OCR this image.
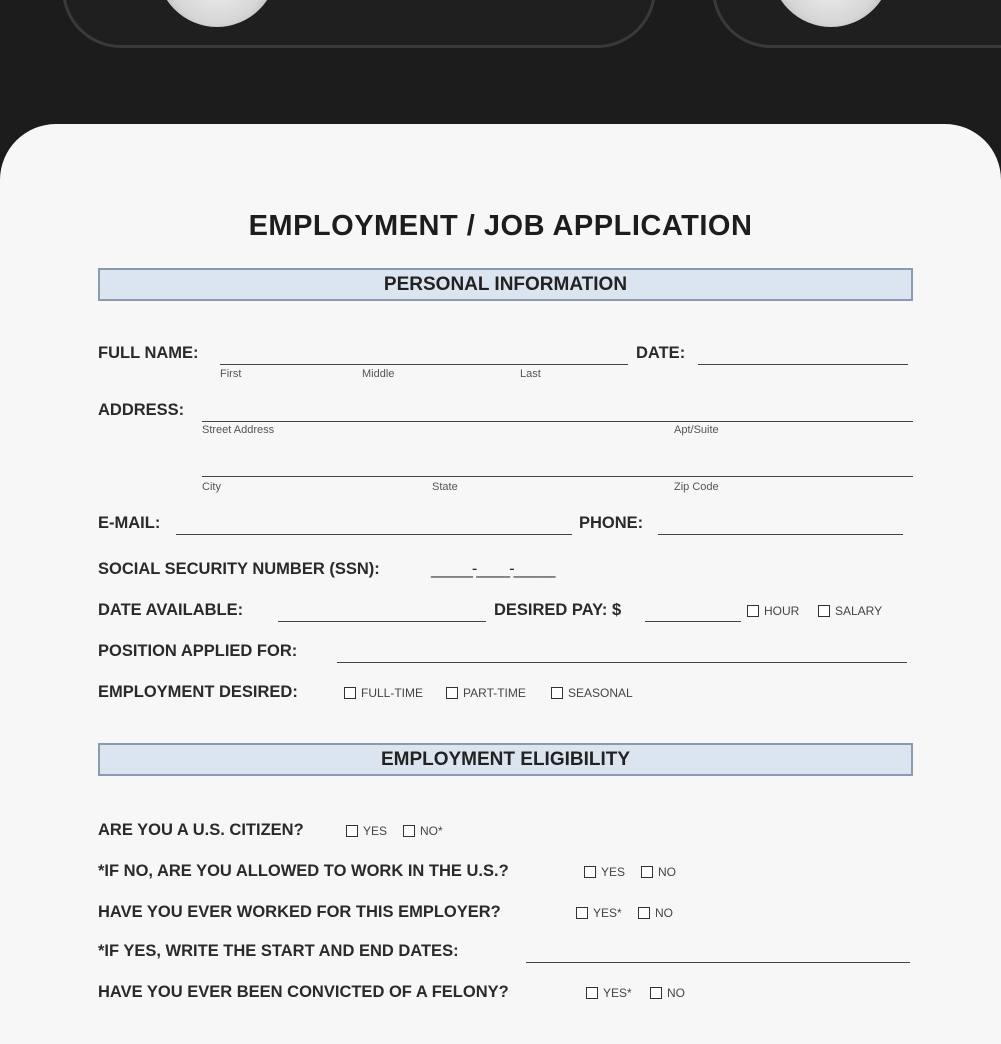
EMPLOYMENT / JOB APPLICATION
PERSONAL INFORMATION
FULL NAME:
First	Middle	Last
DATE:
ADDRESS:
Street Address	Apt/Suite
City	State	Zip Code
E-MAIL:	PHONE:
SOCIAL SECURITY NUMBER (SSN):	_____-____-_____
DATE AVAILABLE:	DESIRED PAY: $	HOUR	SALARY
POSITION APPLIED FOR:
EMPLOYMENT DESIRED:	FULL-TIME	PART-TIME	SEASONAL
EMPLOYMENT ELIGIBILITY
ARE YOU A U.S. CITIZEN?	YES	NO*
*IF NO, ARE YOU ALLOWED TO WORK IN THE U.S.?	YES	NO
HAVE YOU EVER WORKED FOR THIS EMPLOYER?	YES*	NO
*IF YES, WRITE THE START AND END DATES:
HAVE YOU EVER BEEN CONVICTED OF A FELONY?	YES*	NO
